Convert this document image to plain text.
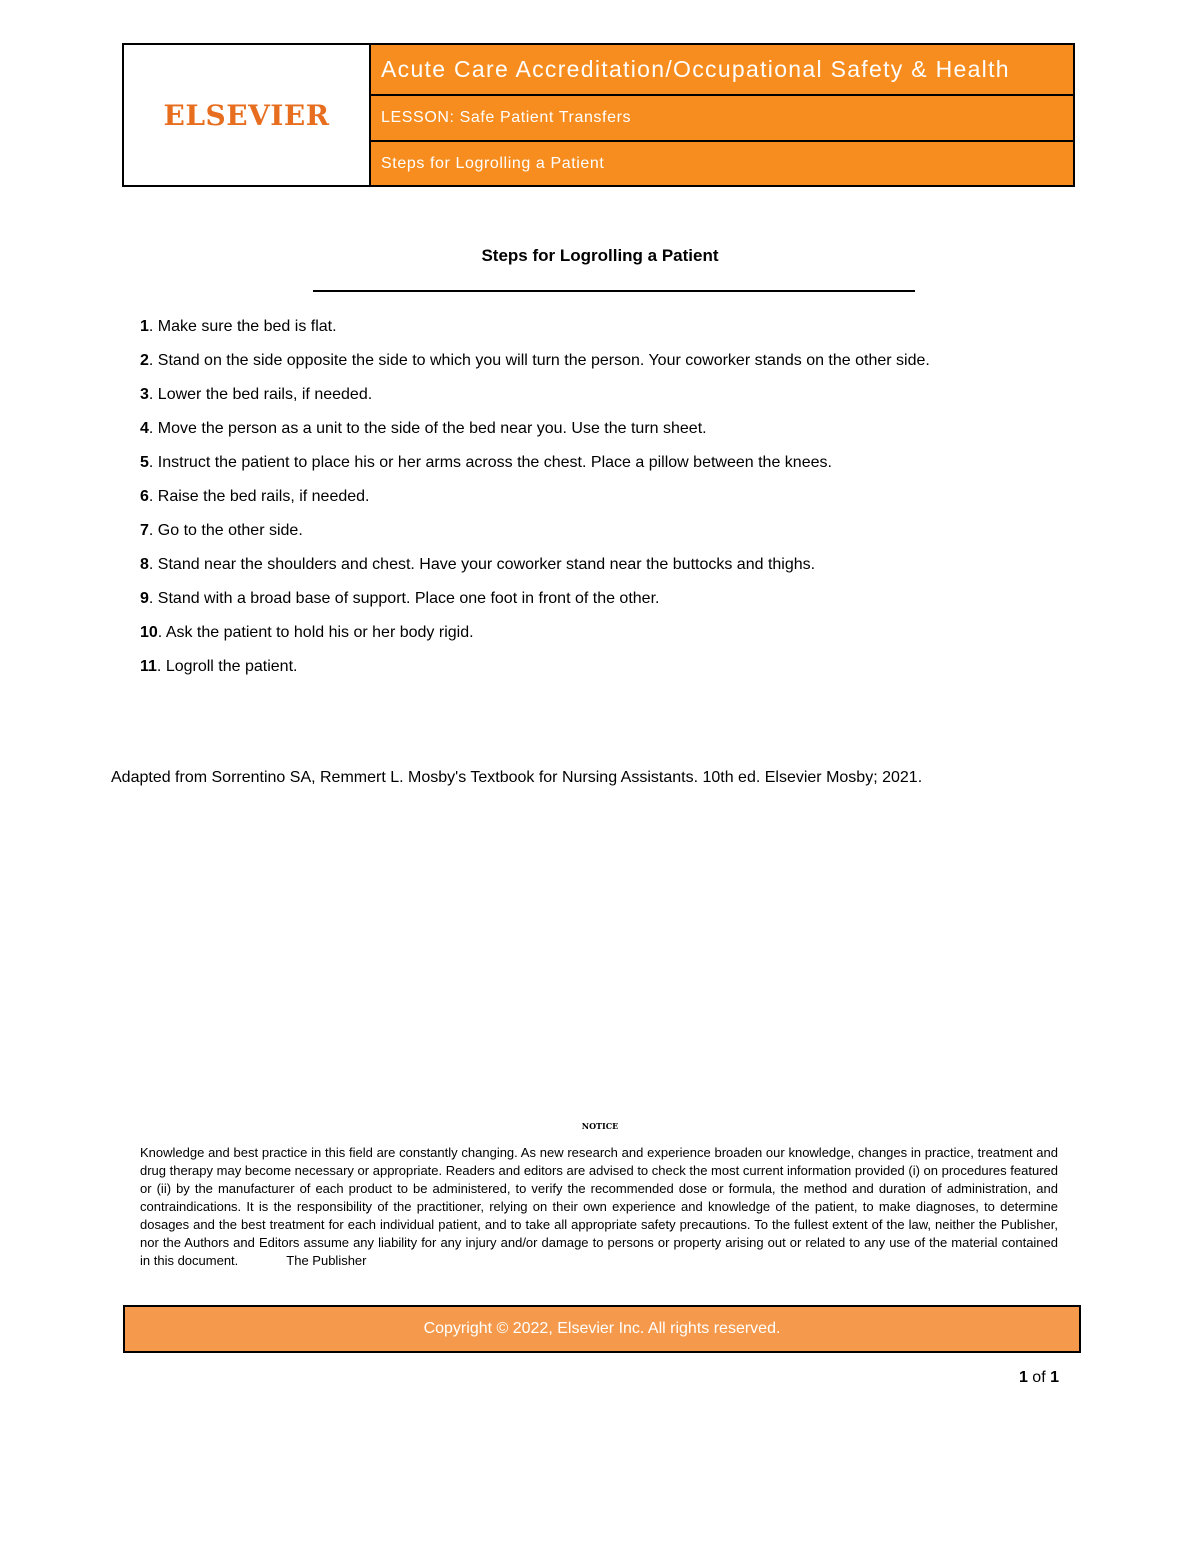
ELSEVIER
Acute Care Accreditation/Occupational Safety & Health
LESSON: Safe Patient Transfers
Steps for Logrolling a Patient
Steps for Logrolling a Patient
1. Make sure the bed is flat.
2. Stand on the side opposite the side to which you will turn the person. Your coworker stands on the other side.
3. Lower the bed rails, if needed.
4. Move the person as a unit to the side of the bed near you. Use the turn sheet.
5. Instruct the patient to place his or her arms across the chest. Place a pillow between the knees.
6. Raise the bed rails, if needed.
7. Go to the other side.
8. Stand near the shoulders and chest. Have your coworker stand near the buttocks and thighs.
9. Stand with a broad base of support. Place one foot in front of the other.
10. Ask the patient to hold his or her body rigid.
11. Logroll the patient.
Adapted from Sorrentino SA, Remmert L. Mosby's Textbook for Nursing Assistants. 10th ed. Elsevier Mosby; 2021.
NOTICE
Knowledge and best practice in this field are constantly changing. As new research and experience broaden our knowledge, changes in practice, treatment and drug therapy may become necessary or appropriate. Readers and editors are advised to check the most current information provided (i) on procedures featured or (ii) by the manufacturer of each product to be administered, to verify the recommended dose or formula, the method and duration of administration, and contraindications. It is the responsibility of the practitioner, relying on their own experience and knowledge of the patient, to make diagnoses, to determine dosages and the best treatment for each individual patient, and to take all appropriate safety precautions. To the fullest extent of the law, neither the Publisher, nor the Authors and Editors assume any liability for any injury and/or damage to persons or property arising out or related to any use of the material contained in this document.	The Publisher
Copyright © 2022, Elsevier Inc. All rights reserved.
1 of 1
